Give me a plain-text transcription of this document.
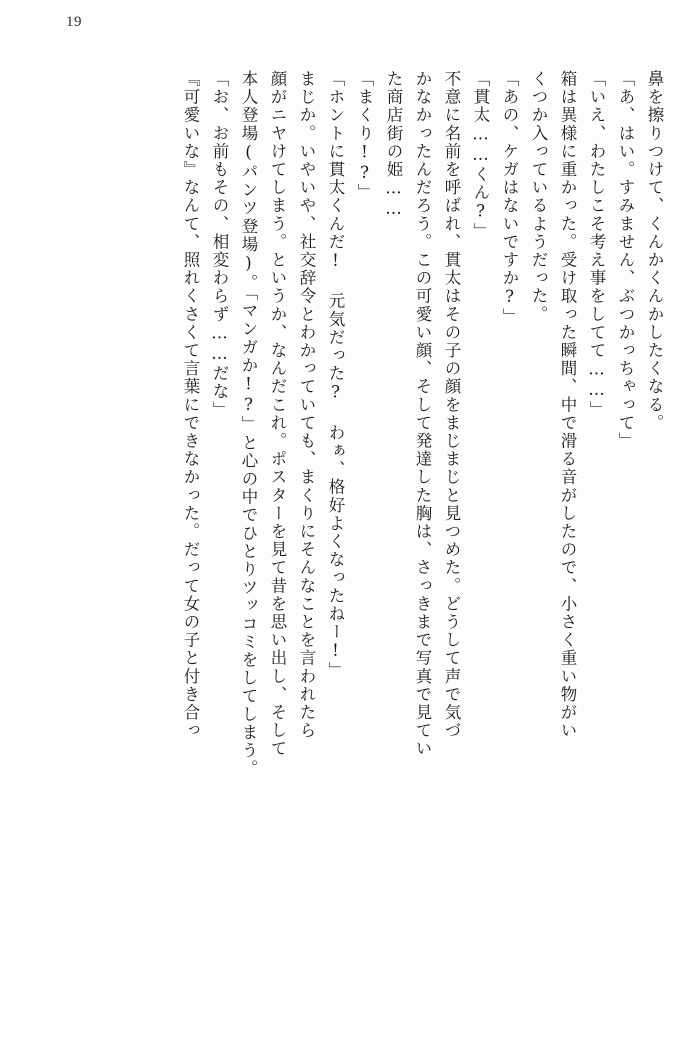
19
鼻を擦りつけて、くんかくんかしたくなる。
「あ、はい。すみません、ぶつかっちゃって」
「いえ、わたしこそ考え事をしてて……」
箱は異様に重かった。受け取った瞬間、中で滑る音がしたので、小さく重い物がい
くつか入っているようだった。
「あの、ケガはないですか?」
「貫太……くん?」
不意に名前を呼ばれ、貫太はその子の顔をまじまじと見つめた。どうして声で気づ
かなかったんだろう。この可愛い顔、そして発達した胸は、さっきまで写真で見てい
た商店街の姫……
「まくり!?」
「ホントに貫太くんだ! 元気だった? わぁ、格好よくなったねー!」
まじか。いやいや、社交辞令とわかっていても、まくりにそんなことを言われたら
顔がニヤけてしまう。というか、なんだこれ。ポスターを見て昔を思い出し、そして
本人登場(パンツ登場)。「マンガか!?」と心の中でひとりツッコミをしてしまう。
「お、お前もその、相変わらず……だな」
『可愛いな』なんて、照れくさくて言葉にできなかった。だって女の子と付き合っ
